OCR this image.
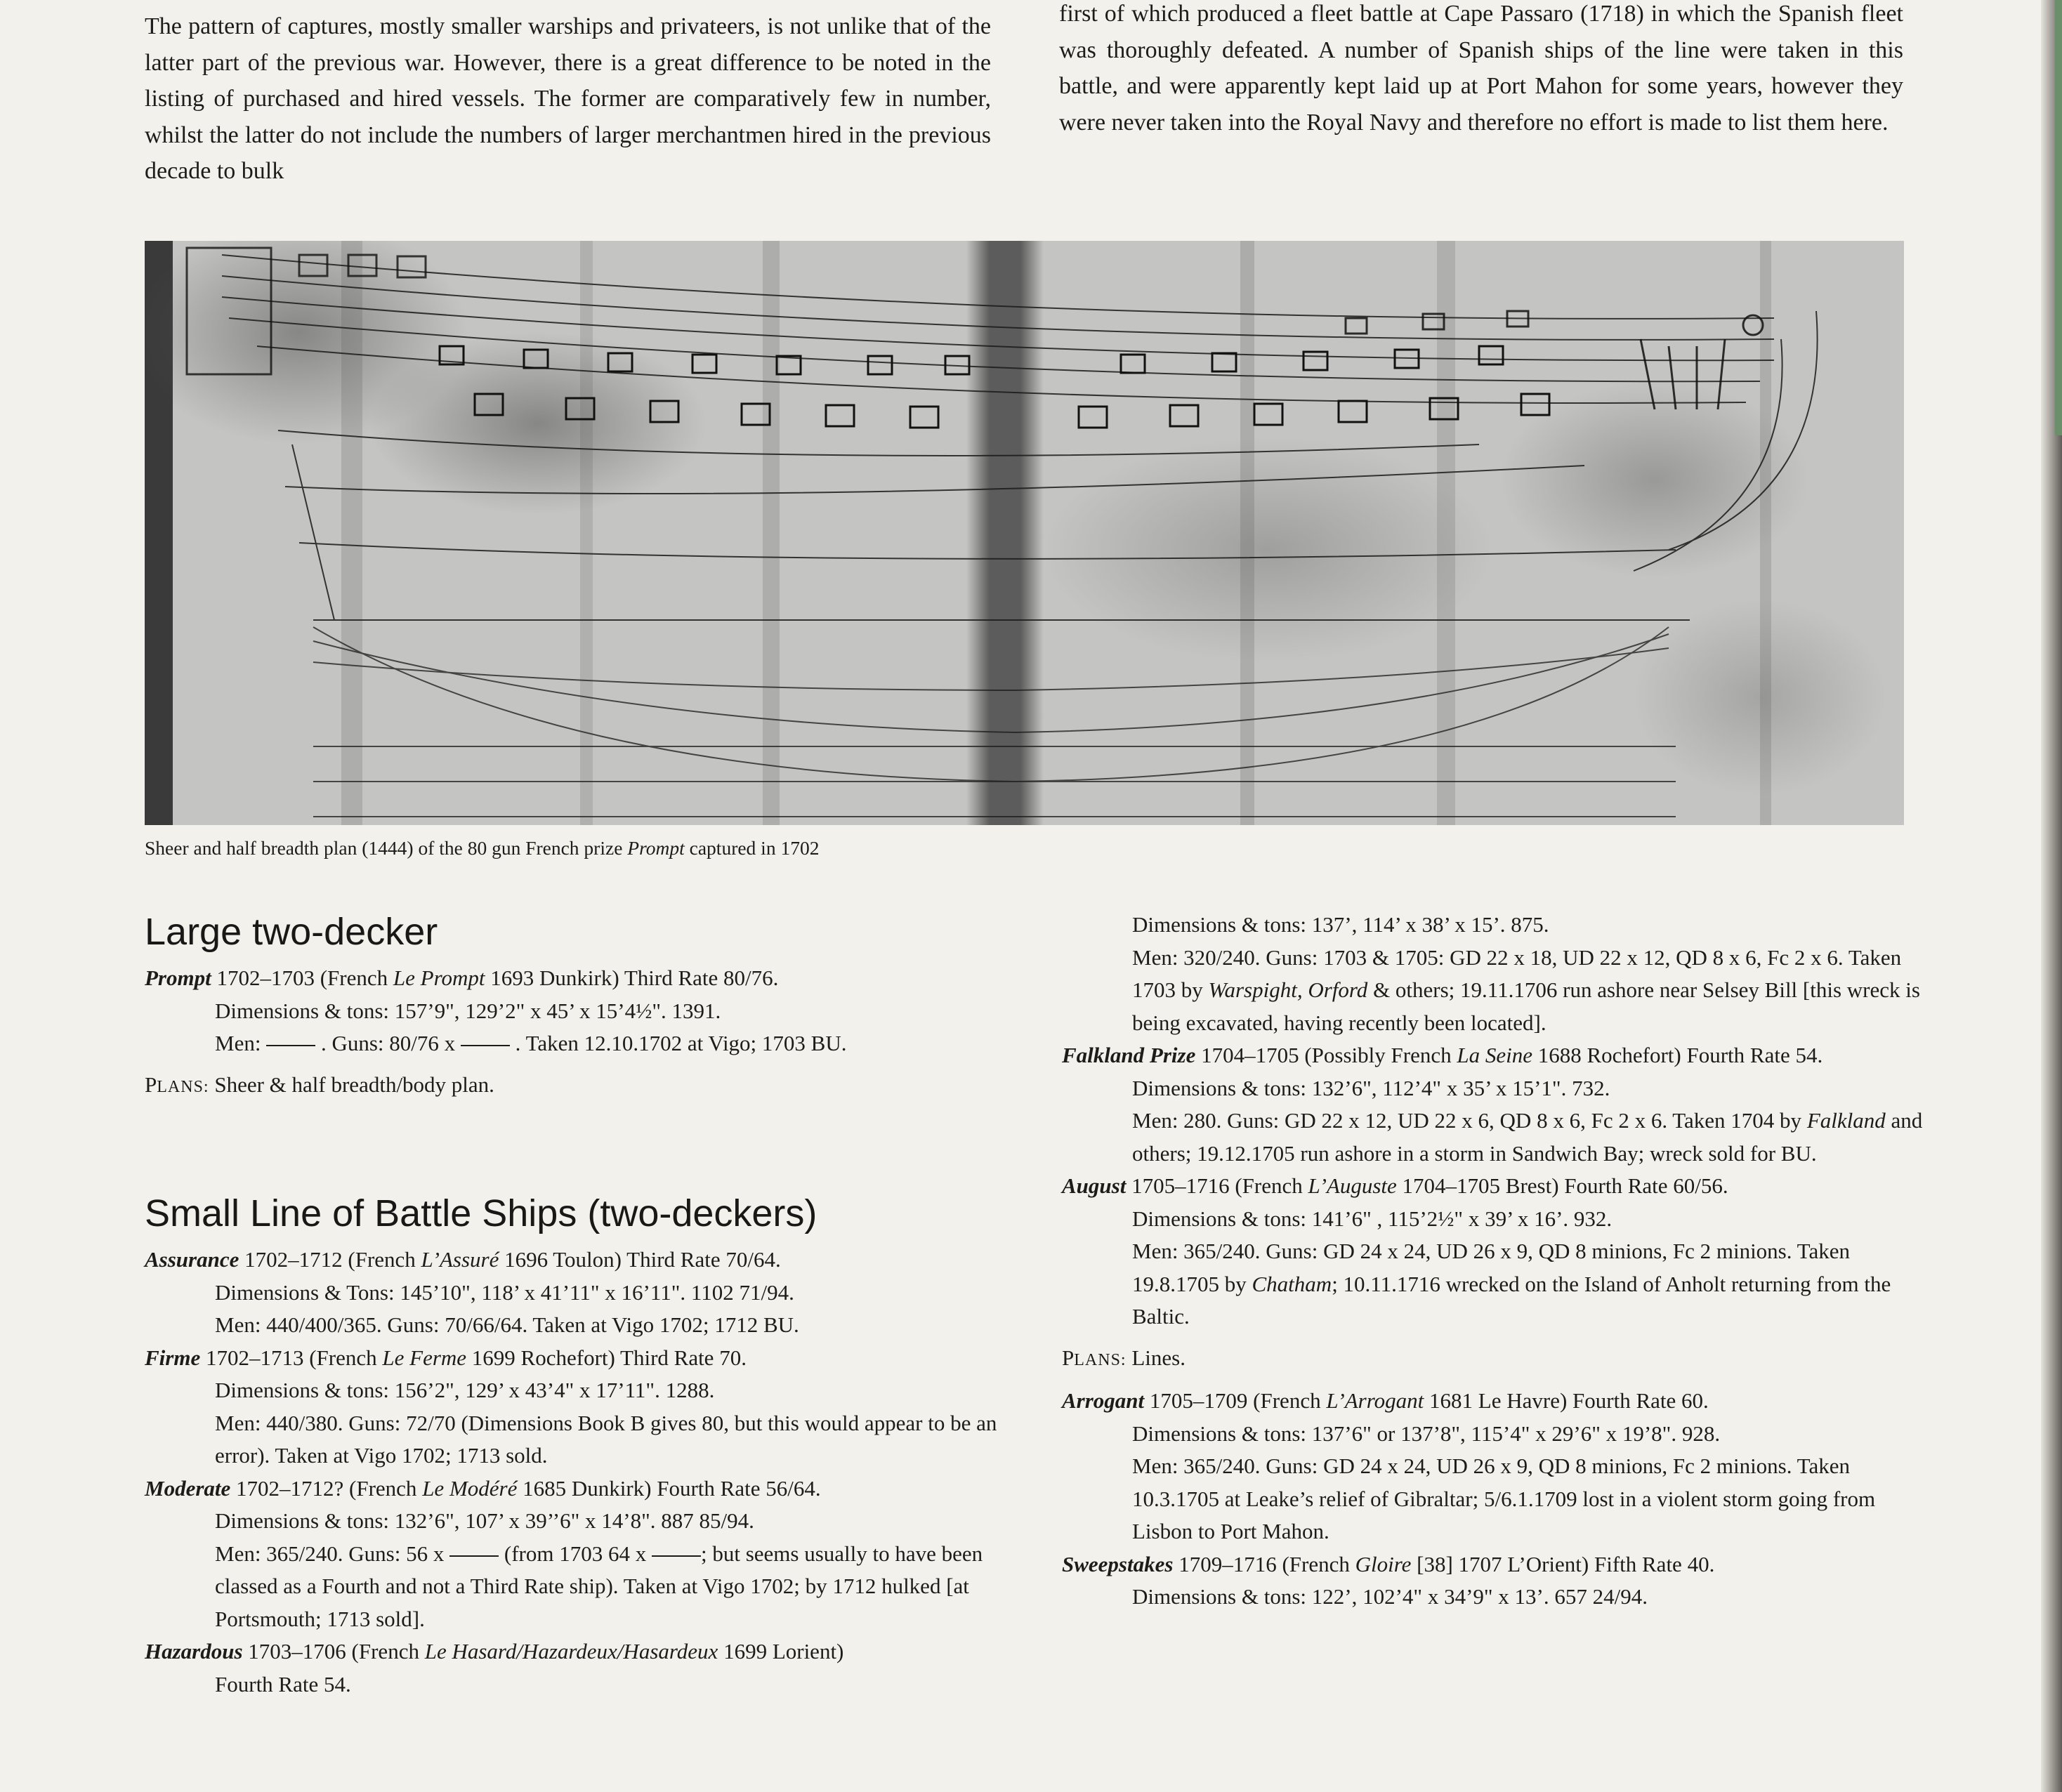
The pattern of captures, mostly smaller warships and privateers, is not unlike that of the latter part of the previous war. However, there is a great difference to be noted in the listing of purchased and hired vessels. The former are comparatively few in number, whilst the latter do not include the numbers of larger merchantmen hired in the previous decade to bulk

first of which produced a fleet battle at Cape Passaro (1718) in which the Spanish fleet was thoroughly defeated. A number of Spanish ships of the line were taken in this battle, and were apparently kept laid up at Port Mahon for some years, however they were never taken into the Royal Navy and therefore no effort is made to list them here.

Sheer and half breadth plan (1444) of the 80 gun French prize Prompt captured in 1702
Large two-decker

Prompt 1702–1703 (French Le Prompt 1693 Dunkirk) Third Rate 80/76.

Dimensions & tons: 157’9", 129’2" x 45’ x 15’4½". 1391.

Men:	. Guns: 80/76 x	. Taken 12.10.1702 at Vigo; 1703 BU.

PLANS: Sheer & half breadth/body plan.

Small Line of Battle Ships (two-deckers)

Assurance 1702–1712 (French L’Assuré 1696 Toulon) Third Rate 70/64.

Dimensions & Tons: 145’10", 118’ x 41’11" x 16’11". 1102 71/94.

Men: 440/400/365. Guns: 70/66/64. Taken at Vigo 1702; 1712 BU.

Firme 1702–1713 (French Le Ferme 1699 Rochefort) Third Rate 70.

Dimensions & tons: 156’2", 129’ x 43’4" x 17’11". 1288.

Men: 440/380. Guns: 72/70 (Dimensions Book B gives 80, but this would appear to be an error). Taken at Vigo 1702; 1713 sold.

Moderate 1702–1712? (French Le Modéré 1685 Dunkirk) Fourth Rate 56/64.

Dimensions & tons: 132’6", 107’ x 39’’6" x 14’8". 887 85/94.

Men: 365/240. Guns: 56 x	(from 1703 64 x	; but seems usually to have been classed as a Fourth and not a Third Rate ship). Taken at Vigo 1702; by 1712 hulked [at Portsmouth; 1713 sold].

Hazardous 1703–1706 (French Le Hasard/Hazardeux/Hasardeux 1699 Lorient)

Fourth Rate 54.

Dimensions & tons: 137’, 114’ x 38’ x 15’. 875.

Men: 320/240. Guns: 1703 & 1705: GD 22 x 18, UD 22 x 12, QD 8 x 6, Fc 2 x 6. Taken 1703 by Warspight, Orford & others; 19.11.1706 run ashore near Selsey Bill [this wreck is being excavated, having recently been located].

Falkland Prize 1704–1705 (Possibly French La Seine 1688 Rochefort) Fourth Rate 54.

Dimensions & tons: 132’6", 112’4" x 35’ x 15’1". 732.

Men: 280. Guns: GD 22 x 12, UD 22 x 6, QD 8 x 6, Fc 2 x 6. Taken 1704 by Falkland and others; 19.12.1705 run ashore in a storm in Sandwich Bay; wreck sold for BU.

August 1705–1716 (French L’Auguste 1704–1705 Brest) Fourth Rate 60/56.

Dimensions & tons: 141’6" , 115’2½" x 39’ x 16’. 932.

Men: 365/240. Guns: GD 24 x 24, UD 26 x 9, QD 8 minions, Fc 2 minions. Taken 19.8.1705 by Chatham; 10.11.1716 wrecked on the Island of Anholt returning from the Baltic.

PLANS: Lines.

Arrogant 1705–1709 (French L’Arrogant 1681 Le Havre) Fourth Rate 60.

Dimensions & tons: 137’6" or 137’8", 115’4" x 29’6" x 19’8". 928.

Men: 365/240. Guns: GD 24 x 24, UD 26 x 9, QD 8 minions, Fc 2 minions. Taken 10.3.1705 at Leake’s relief of Gibraltar; 5/6.1.1709 lost in a violent storm going from Lisbon to Port Mahon.

Sweepstakes 1709–1716 (French Gloire [38] 1707 L’Orient) Fifth Rate 40.

Dimensions & tons: 122’, 102’4" x 34’9" x 13’. 657 24/94.
